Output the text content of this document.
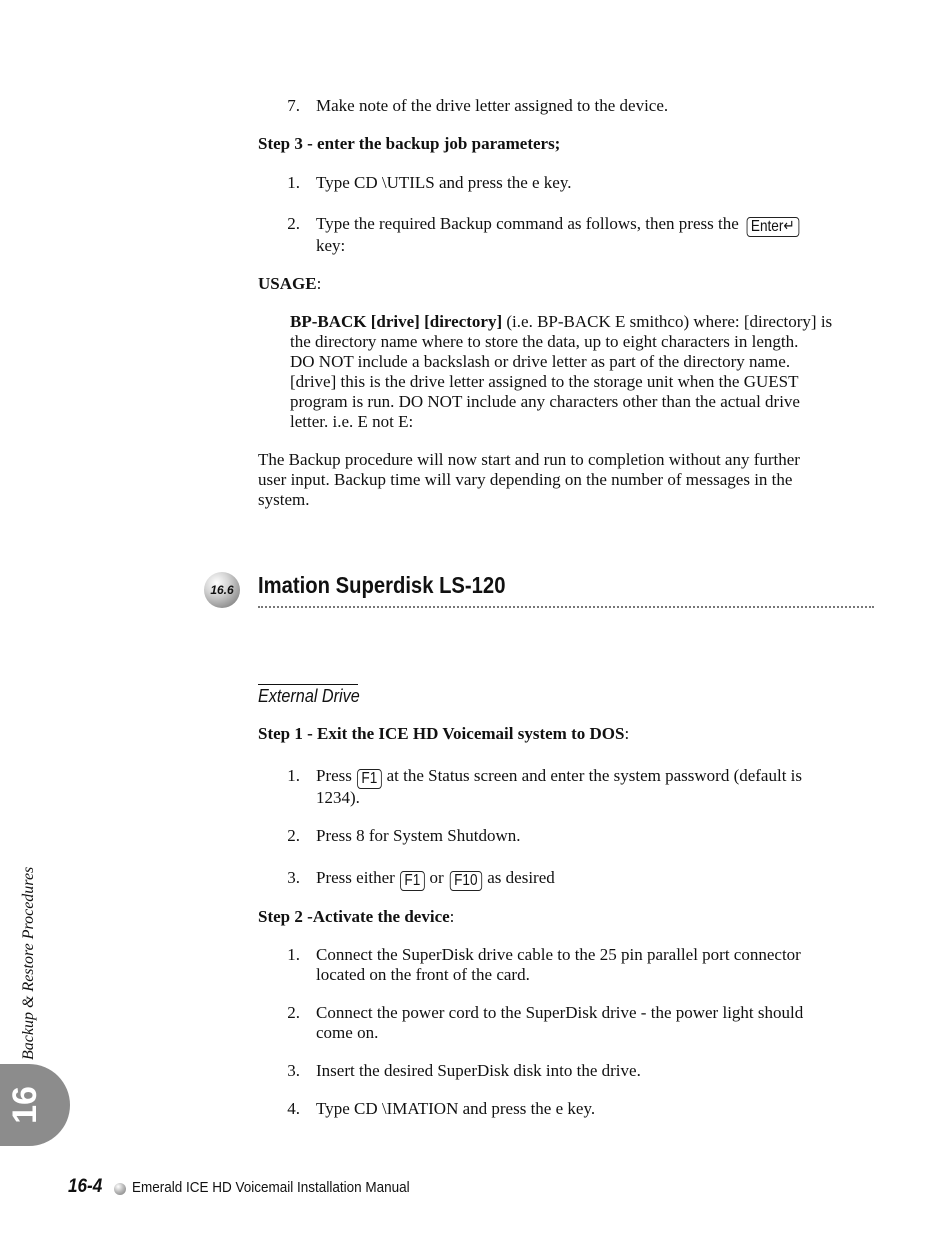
7. Make note of the drive letter assigned to the device.
Step 3 - enter the backup job parameters;
1. Type CD \UTILS and press the e key.
2. Type the required Backup command as follows, then press the Enter↵
key:
USAGE:
BP-BACK [drive] [directory] (i.e. BP-BACK E smithco) where: [directory] is
the directory name where to store the data, up to eight characters in length.
DO NOT include a backslash or drive letter as part of the directory name.
[drive] this is the drive letter assigned to the storage unit when the GUEST
program is run. DO NOT include any characters other than the actual drive
letter. i.e. E not E:
The Backup procedure will now start and run to completion without any further
user input. Backup time will vary depending on the number of messages in the
system.
16.6 Imation Superdisk LS-120
External Drive
Step 1 - Exit the ICE HD Voicemail system to DOS:
1. Press F1 at the Status screen and enter the system password (default is
1234).
2. Press 8 for System Shutdown.
3. Press either F1 or F10 as desired
Step 2 -Activate the device:
1. Connect the SuperDisk drive cable to the 25 pin parallel port connector
located on the front of the card.
2. Connect the power cord to the SuperDisk drive - the power light should
come on.
3. Insert the desired SuperDisk disk into the drive.
4. Type CD \IMATION and press the e key.
Backup & Restore Procedures
16
16-4 Emerald ICE HD Voicemail Installation Manual
